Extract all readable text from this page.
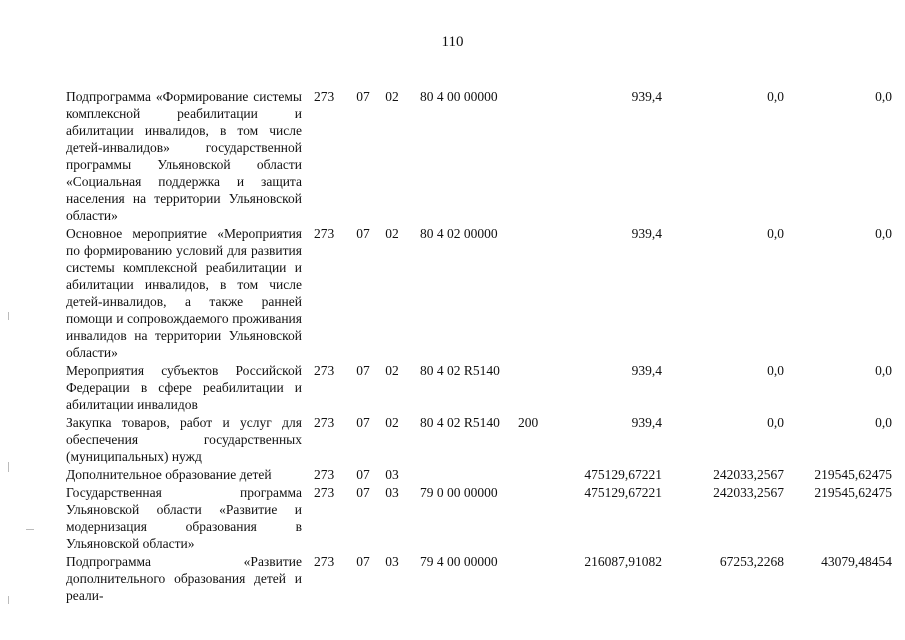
110
Подпрограмма «Формирование системы комплексной реабилитации и абилитации инвалидов, в том числе детей-инвалидов» государственной программы Ульяновской области «Социальная поддержка и защита населения на территории Ульяновской области»	273	07	02	80 4 00 00000		939,4	0,0	0,0
Основное мероприятие «Мероприятия по формированию условий для развития системы комплексной реабилитации и абилитации инвалидов, в том числе детей-инвалидов, а также ранней помощи и сопровождаемого проживания инвалидов на территории Ульяновской области»	273	07	02	80 4 02 00000		939,4	0,0	0,0
Мероприятия субъектов Российской Федерации в сфере реабилитации и абилитации инвалидов	273	07	02	80 4 02 R5140		939,4	0,0	0,0
Закупка товаров, работ и услуг для обеспечения государственных (муниципальных) нужд	273	07	02	80 4 02 R5140	200	939,4	0,0	0,0
Дополнительное образование детей	273	07	03			475129,67221	242033,2567	219545,62475
Государственная программа Ульяновской области «Развитие и модернизация образования в Ульяновской области»	273	07	03	79 0 00 00000		475129,67221	242033,2567	219545,62475
Подпрограмма «Развитие дополнительного образования детей и реали-	273	07	03	79 4 00 00000		216087,91082	67253,2268	43079,48454
